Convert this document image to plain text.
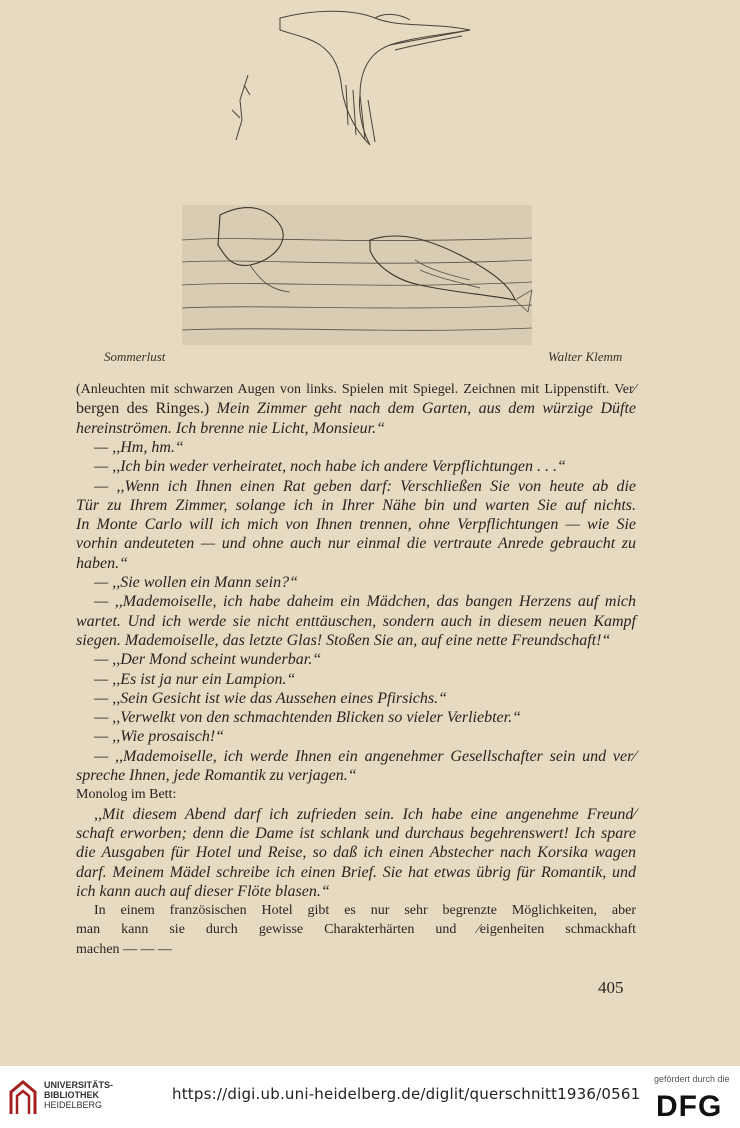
Sommerlust	Walter Klemm
(Anleuchten mit schwarzen Augen von links. Spielen mit Spiegel. Zeichnen mit Lippenstift. Ver⁄
bergen des Ringes.) Mein Zimmer geht nach dem Garten, aus dem würzige Düfte
hereinströmen. Ich brenne nie Licht, Monsieur.“
— ,,Hm, hm.“
— ,,Ich bin weder verheiratet, noch habe ich andere Verpflichtungen . . .“
— ,,Wenn ich Ihnen einen Rat geben darf: Verschließen Sie von heute ab die
Tür zu Ihrem Zimmer, solange ich in Ihrer Nähe bin und warten Sie auf nichts.
In Monte Carlo will ich mich von Ihnen trennen, ohne Verpflichtungen — wie Sie
vorhin andeuteten — und ohne auch nur einmal die vertraute Anrede gebraucht zu
haben.“
— ,,Sie wollen ein Mann sein?“
— ,,Mademoiselle, ich habe daheim ein Mädchen, das bangen Herzens auf mich
wartet. Und ich werde sie nicht enttäuschen, sondern auch in diesem neuen Kampf
siegen. Mademoiselle, das letzte Glas! Stoßen Sie an, auf eine nette Freundschaft!“
— ,,Der Mond scheint wunderbar.“
— ,,Es ist ja nur ein Lampion.“
— ,,Sein Gesicht ist wie das Aussehen eines Pfirsichs.“
— ,,Verwelkt von den schmachtenden Blicken so vieler Verliebter.“
— ,,Wie prosaisch!“
— ,,Mademoiselle, ich werde Ihnen ein angenehmer Gesellschafter sein und ver⁄
spreche Ihnen, jede Romantik zu verjagen.“
Monolog im Bett:
,,Mit diesem Abend darf ich zufrieden sein. Ich habe eine angenehme Freund⁄
schaft erworben; denn die Dame ist schlank und durchaus begehrenswert! Ich spare
die Ausgaben für Hotel und Reise, so daß ich einen Abstecher nach Korsika wagen
darf. Meinem Mädel schreibe ich einen Brief. Sie hat etwas übrig für Romantik, und
ich kann auch auf dieser Flöte blasen.“
In einem französischen Hotel gibt es nur sehr begrenzte Möglichkeiten, aber
man kann sie durch gewisse Charakterhärten und ⁄eigenheiten schmackhaft
machen — — —
405
UNIVERSITÄTS-
BIBLIOTHEK
HEIDELBERG
https://digi.ub.uni-heidelberg.de/diglit/querschnitt1936/0561
gefördert durch die
DFG
